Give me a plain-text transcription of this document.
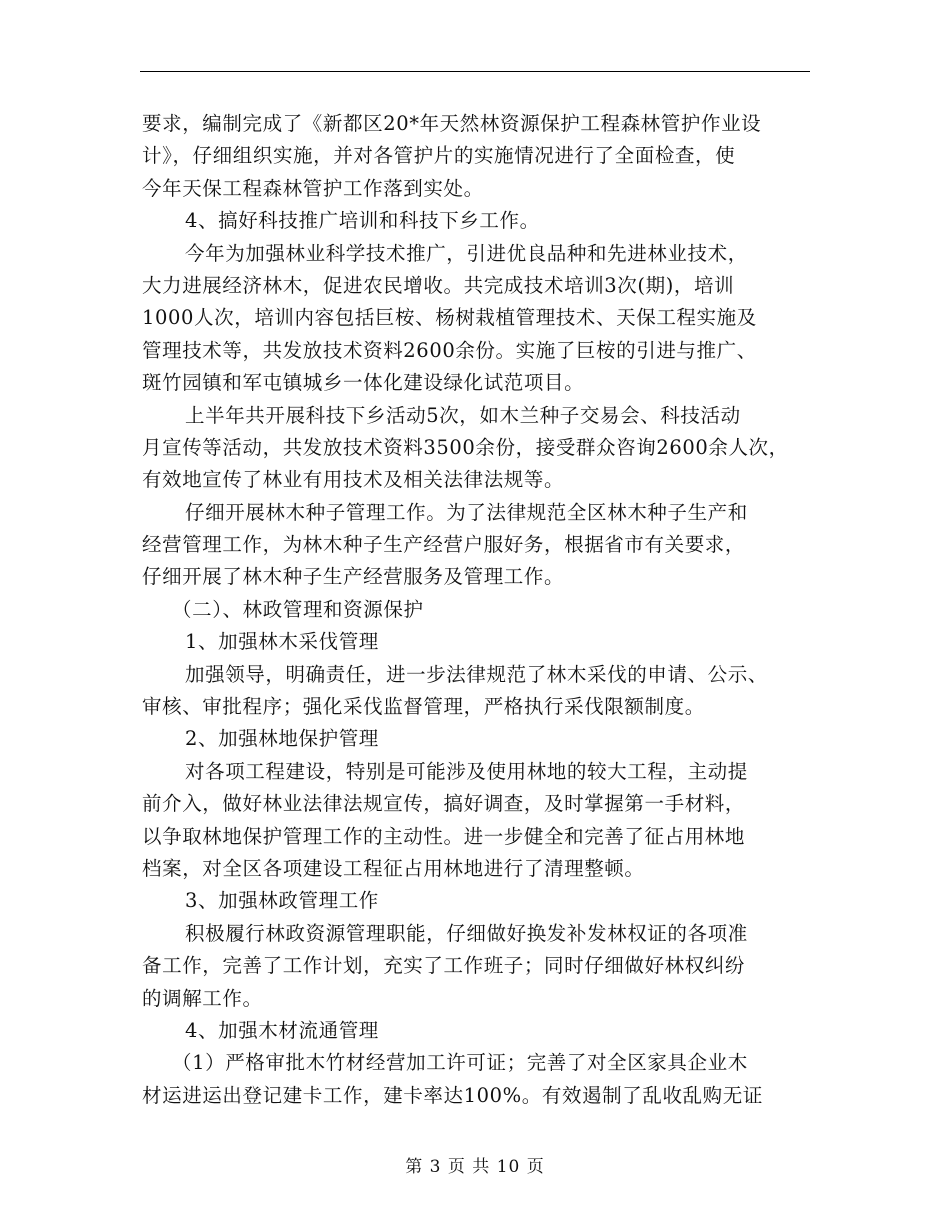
要求，编制完成了《新都区20*年天然林资源保护工程森林管护作业设
计》，仔细组织实施，并对各管护片的实施情况进行了全面检查，使
今年天保工程森林管护工作落到实处。
4、搞好科技推广培训和科技下乡工作。
今年为加强林业科学技术推广，引进优良品种和先进林业技术，
大力进展经济林木，促进农民增收。共完成技术培训3次(期)，培训
1000人次，培训内容包括巨桉、杨树栽植管理技术、天保工程实施及
管理技术等，共发放技术资料2600余份。实施了巨桉的引进与推广、
斑竹园镇和军屯镇城乡一体化建设绿化试范项目。
上半年共开展科技下乡活动5次，如木兰种子交易会、科技活动
月宣传等活动，共发放技术资料3500余份，接受群众咨询2600余人次，
有效地宣传了林业有用技术及相关法律法规等。
仔细开展林木种子管理工作。为了法律规范全区林木种子生产和
经营管理工作，为林木种子生产经营户服好务，根据省市有关要求，
仔细开展了林木种子生产经营服务及管理工作。
（二）、林政管理和资源保护
1、加强林木采伐管理
加强领导，明确责任，进一步法律规范了林木采伐的申请、公示、
审核、审批程序；强化采伐监督管理，严格执行采伐限额制度。
2、加强林地保护管理
对各项工程建设，特别是可能涉及使用林地的较大工程，主动提
前介入，做好林业法律法规宣传，搞好调查，及时掌握第一手材料，
以争取林地保护管理工作的主动性。进一步健全和完善了征占用林地
档案，对全区各项建设工程征占用林地进行了清理整顿。
3、加强林政管理工作
积极履行林政资源管理职能，仔细做好换发补发林权证的各项准
备工作，完善了工作计划，充实了工作班子；同时仔细做好林权纠纷
的调解工作。
4、加强木材流通管理
（1）严格审批木竹材经营加工许可证；完善了对全区家具企业木
材运进运出登记建卡工作，建卡率达100%。有效遏制了乱收乱购无证
第 3 页 共 10 页
